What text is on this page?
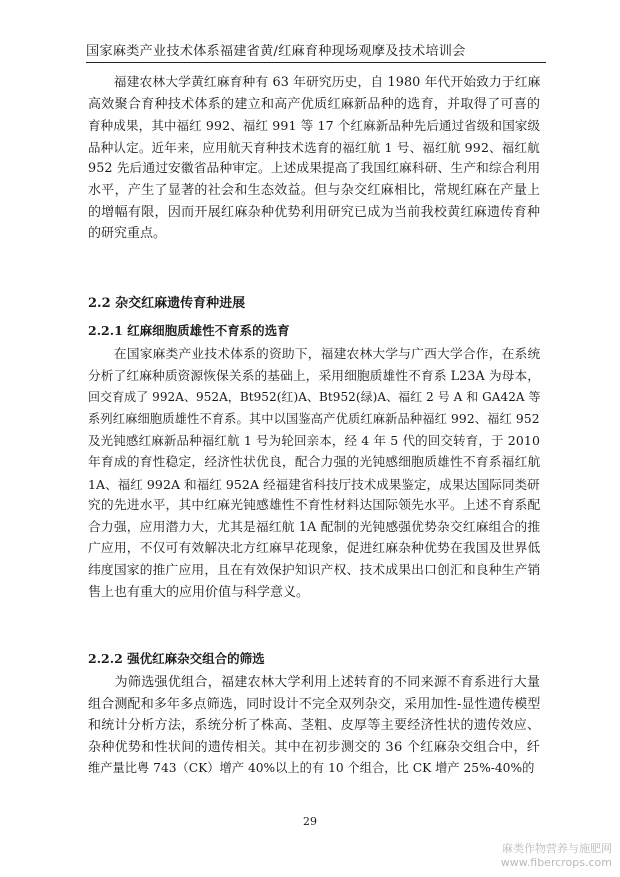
国家麻类产业技术体系福建省黄/红麻育种现场观摩及技术培训会
　　福建农林大学黄红麻育种有 63 年研究历史，自 1980 年代开始致力于红麻
高效聚合育种技术体系的建立和高产优质红麻新品种的选育，并取得了可喜的
育种成果，其中福红 992、福红 991 等 17 个红麻新品种先后通过省级和国家级
品种认定。近年来，应用航天育种技术选育的福红航 1 号、福红航 992、福红航
952 先后通过安徽省品种审定。上述成果提高了我国红麻科研、生产和综合利用
水平，产生了显著的社会和生态效益。但与杂交红麻相比，常规红麻在产量上
的增幅有限，因而开展红麻杂种优势利用研究已成为当前我校黄红麻遗传育种
的研究重点。
2.2 杂交红麻遗传育种进展
2.2.1 红麻细胞质雄性不育系的选育
　　在国家麻类产业技术体系的资助下，福建农林大学与广西大学合作，在系统
分析了红麻种质资源恢保关系的基础上，采用细胞质雄性不育系 L23A 为母本，
回交育成了 992A、952A，Bt952(红)A、Bt952(绿)A、福红 2 号 A 和 GA42A 等
系列红麻细胞质雄性不育系。其中以国鉴高产优质红麻新品种福红 992、福红 952
及光钝感红麻新品种福红航 1 号为轮回亲本，经 4 年 5 代的回交转育，于 2010
年育成的育性稳定，经济性状优良，配合力强的光钝感细胞质雄性不育系福红航
1A、福红 992A 和福红 952A 经福建省科技厅技术成果鉴定，成果达国际同类研
究的先进水平，其中红麻光钝感雄性不育性材料达国际领先水平。上述不育系配
合力强，应用潜力大，尤其是福红航 1A 配制的光钝感强优势杂交红麻组合的推
广应用，不仅可有效解决北方红麻早花现象，促进红麻杂种优势在我国及世界低
纬度国家的推广应用，且在有效保护知识产权、技术成果出口创汇和良种生产销
售上也有重大的应用价值与科学意义。
2.2.2 强优红麻杂交组合的筛选
　　为筛选强优组合，福建农林大学利用上述转育的不同来源不育系进行大量
组合测配和多年多点筛选，同时设计不完全双列杂交，采用加性-显性遗传模型
和统计分析方法，系统分析了株高、茎粗、皮厚等主要经济性状的遗传效应、
杂种优势和性状间的遗传相关。其中在初步测交的 36 个红麻杂交组合中，纤
维产量比粤 743（CK）增产 40%以上的有 10 个组合，比 CK 增产 25%-40%的
29
麻类作物营养与施肥网
www.fibercrops.com
